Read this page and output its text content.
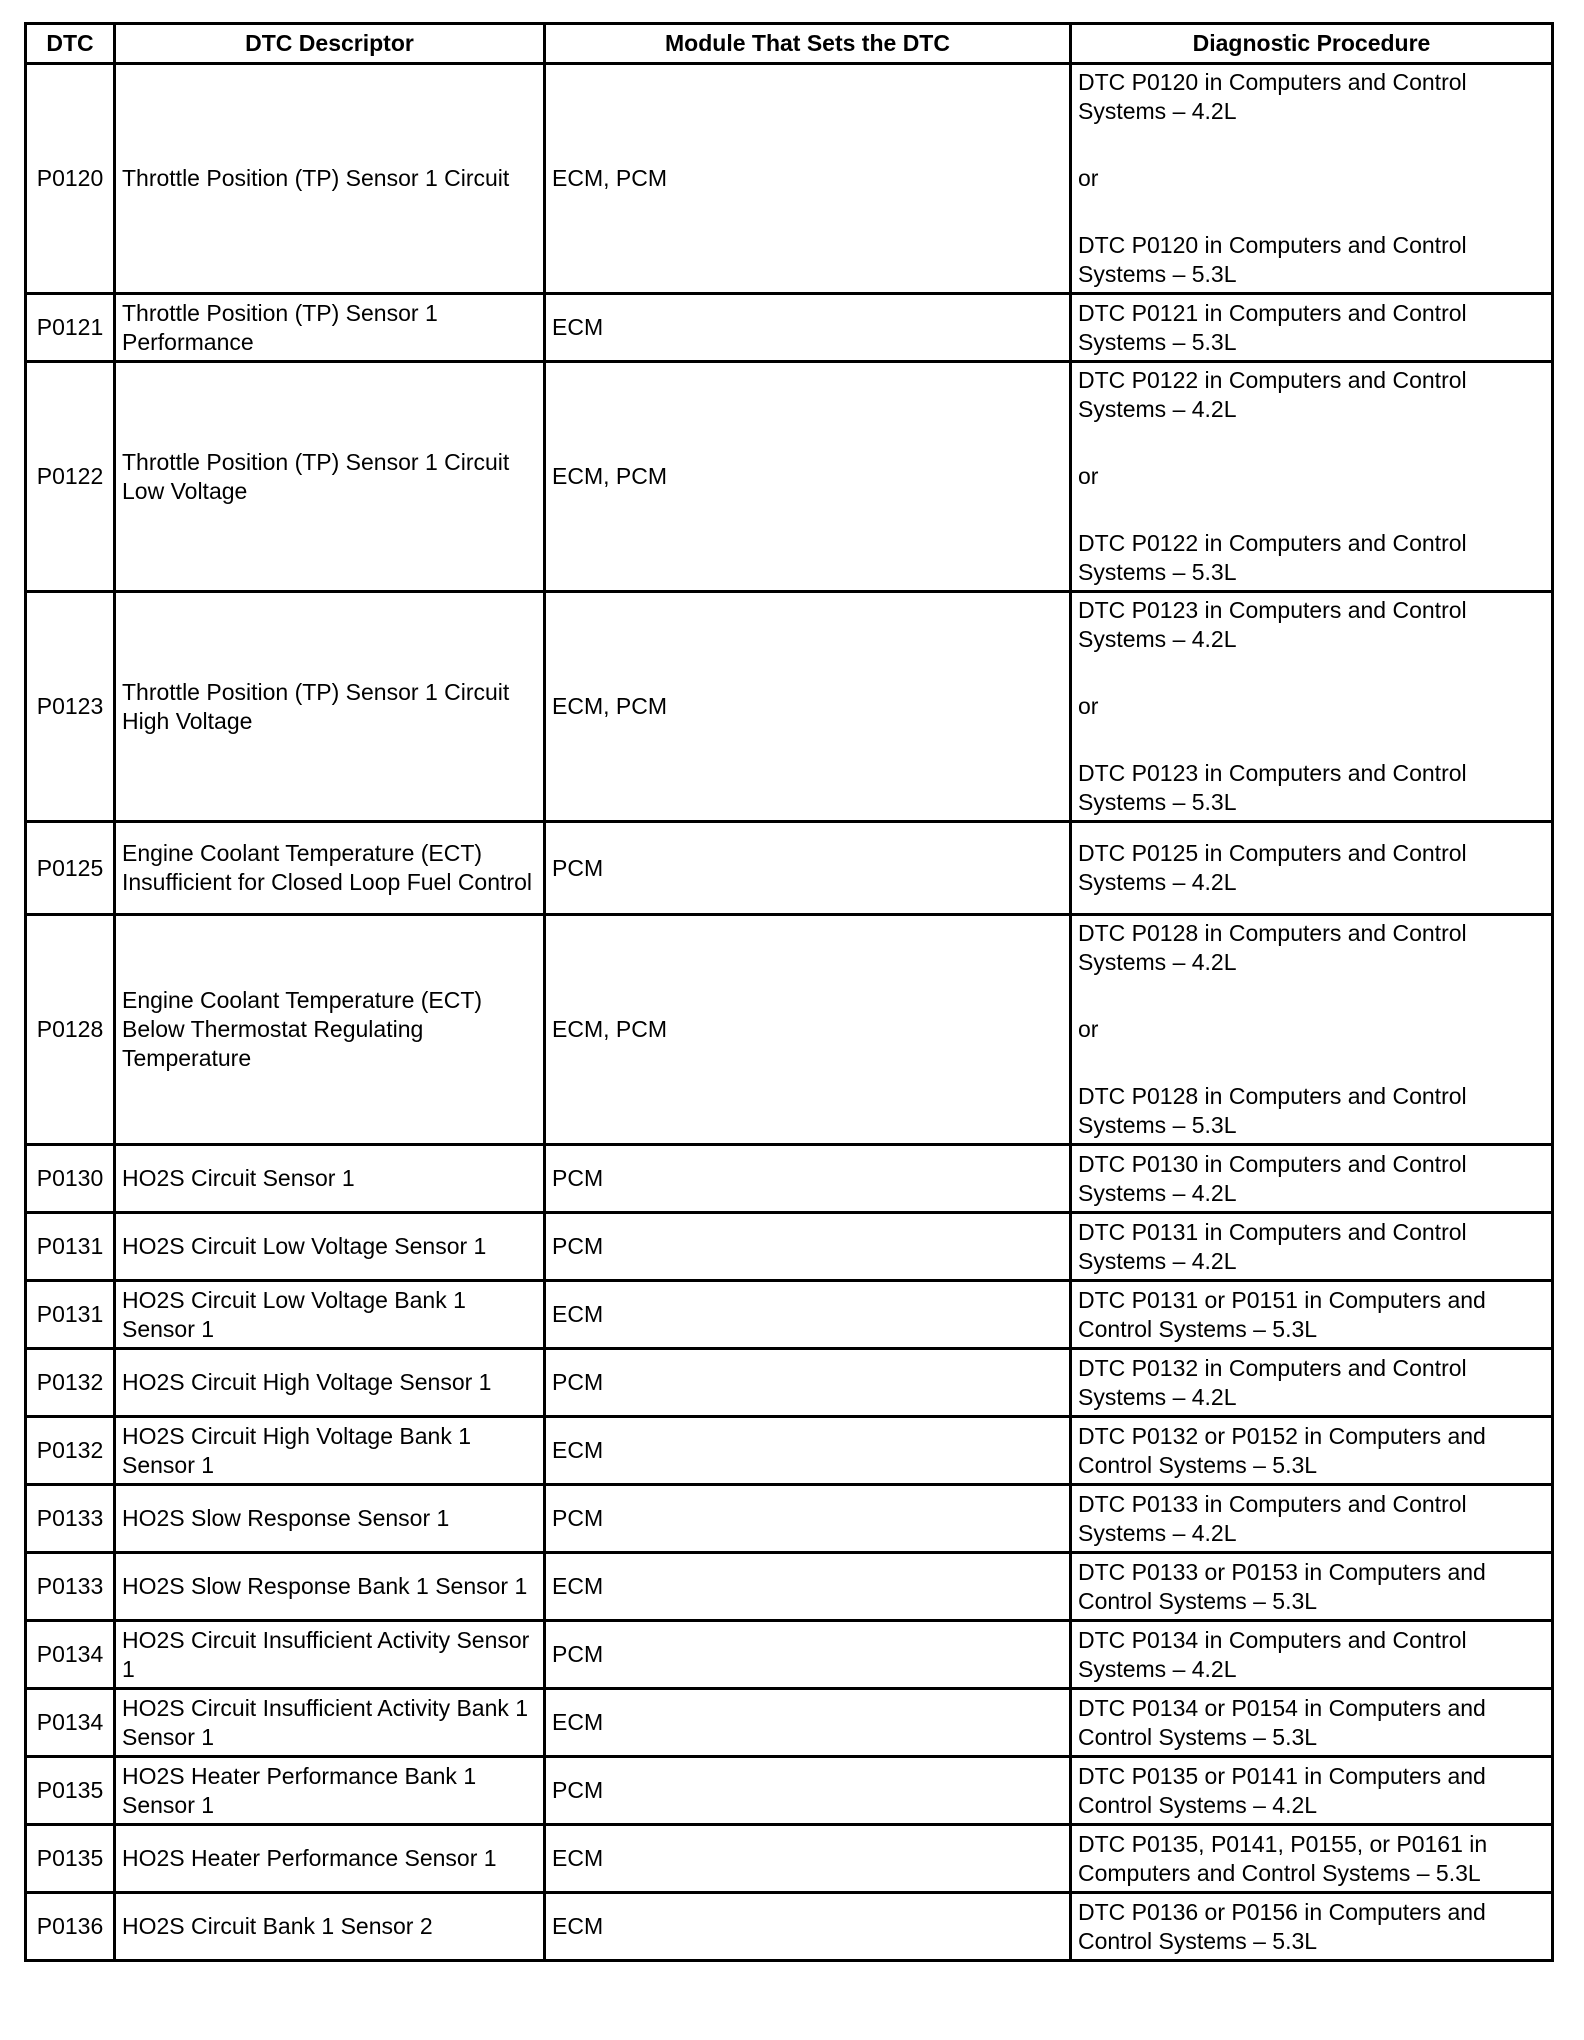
DTC	DTC Descriptor	Module That Sets the DTC	Diagnostic Procedure
P0120	Throttle Position (TP) Sensor 1 Circuit	ECM, PCM	DTC P0120 in Computers and Control Systems – 4.2L
or
DTC P0120 in Computers and Control Systems – 5.3L

P0121	Throttle Position (TP) Sensor 1 Performance	ECM	DTC P0121 in Computers and Control Systems – 5.3L

P0122	Throttle Position (TP) Sensor 1 Circuit Low Voltage	ECM, PCM	DTC P0122 in Computers and Control Systems – 4.2L
or
DTC P0122 in Computers and Control Systems – 5.3L

P0123	Throttle Position (TP) Sensor 1 Circuit High Voltage	ECM, PCM	DTC P0123 in Computers and Control Systems – 4.2L
or
DTC P0123 in Computers and Control Systems – 5.3L

P0125	Engine Coolant Temperature (ECT) Insufficient for Closed Loop Fuel Control	PCM	DTC P0125 in Computers and Control Systems – 4.2L

P0128	Engine Coolant Temperature (ECT) Below Thermostat Regulating Temperature	ECM, PCM	DTC P0128 in Computers and Control Systems – 4.2L
or
DTC P0128 in Computers and Control Systems – 5.3L

P0130	HO2S Circuit Sensor 1	PCM	DTC P0130 in Computers and Control Systems – 4.2L

P0131	HO2S Circuit Low Voltage Sensor 1	PCM	DTC P0131 in Computers and Control Systems – 4.2L

P0131	HO2S Circuit Low Voltage Bank 1 Sensor 1	ECM	DTC P0131 or P0151 in Computers and Control Systems – 5.3L

P0132	HO2S Circuit High Voltage Sensor 1	PCM	DTC P0132 in Computers and Control Systems – 4.2L

P0132	HO2S Circuit High Voltage Bank 1 Sensor 1	ECM	DTC P0132 or P0152 in Computers and Control Systems – 5.3L

P0133	HO2S Slow Response Sensor 1	PCM	DTC P0133 in Computers and Control Systems – 4.2L

P0133	HO2S Slow Response Bank 1 Sensor 1	ECM	DTC P0133 or P0153 in Computers and Control Systems – 5.3L

P0134	HO2S Circuit Insufficient Activity Sensor 1	PCM	DTC P0134 in Computers and Control Systems – 4.2L

P0134	HO2S Circuit Insufficient Activity Bank 1 Sensor 1	ECM	DTC P0134 or P0154 in Computers and Control Systems – 5.3L

P0135	HO2S Heater Performance Bank 1 Sensor 1	PCM	DTC P0135 or P0141 in Computers and Control Systems – 4.2L

P0135	HO2S Heater Performance Sensor 1	ECM	DTC P0135, P0141, P0155, or P0161 in Computers and Control Systems – 5.3L

P0136	HO2S Circuit Bank 1 Sensor 2	ECM	DTC P0136 or P0156 in Computers and Control Systems – 5.3L
